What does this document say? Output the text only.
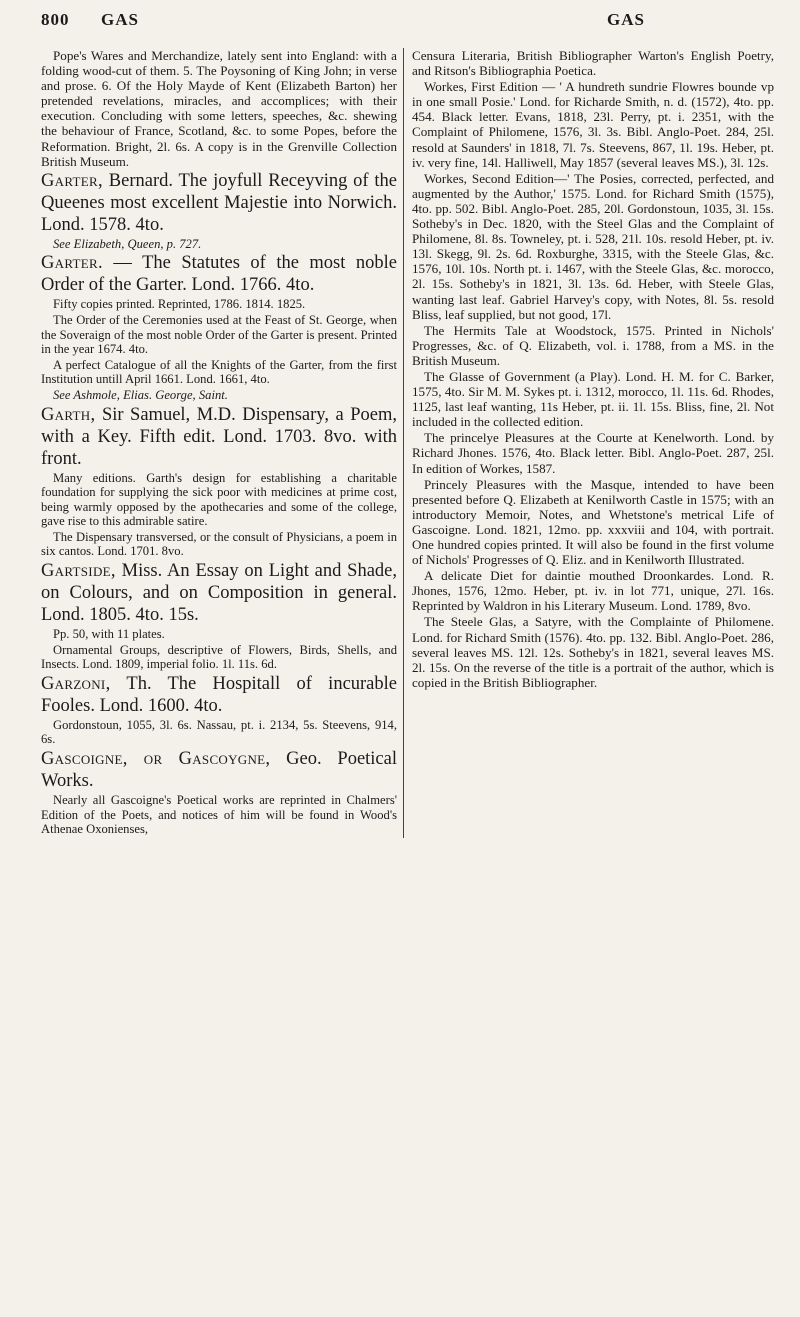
800 GAS	GAS

Pope's Wares and Merchandize, lately sent into England: with a folding wood-cut of them. 5. The Poysoning of King John; in verse and prose. 6. Of the Holy Mayde of Kent (Elizabeth Barton) her pretended revelations, miracles, and accomplices; with their execution. Concluding with some letters, speeches, &c. shewing the behaviour of France, Scotland, &c. to some Popes, before the Reformation. Bright, 2l. 6s. A copy is in the Grenville Collection British Museum.

Garter, Bernard. The joyfull Receyving of the Queenes most excellent Majestie into Norwich. Lond. 1578. 4to.

See Elizabeth, Queen, p. 727.

Garter. — The Statutes of the most noble Order of the Garter. Lond. 1766. 4to.

Fifty copies printed. Reprinted, 1786. 1814. 1825.

The Order of the Ceremonies used at the Feast of St. George, when the Soveraign of the most noble Order of the Garter is present. Printed in the year 1674. 4to.

A perfect Catalogue of all the Knights of the Garter, from the first Institution untill April 1661. Lond. 1661, 4to.

See Ashmole, Elias. George, Saint.

Garth, Sir Samuel, M.D. Dispensary, a Poem, with a Key. Fifth edit. Lond. 1703. 8vo. with front.

Many editions. Garth's design for establishing a charitable foundation for supplying the sick poor with medicines at prime cost, being warmly opposed by the apothecaries and some of the college, gave rise to this admirable satire.

The Dispensary transversed, or the consult of Physicians, a poem in six cantos. Lond. 1701. 8vo.

Gartside, Miss. An Essay on Light and Shade, on Colours, and on Composition in general. Lond. 1805. 4to. 15s.

Pp. 50, with 11 plates.

Ornamental Groups, descriptive of Flowers, Birds, Shells, and Insects. Lond. 1809, imperial folio. 1l. 11s. 6d.

Garzoni, Th. The Hospitall of incurable Fooles. Lond. 1600. 4to.

Gordonstoun, 1055, 3l. 6s. Nassau, pt. i. 2134, 5s. Steevens, 914, 6s.

Gascoigne, or Gascoygne, Geo. Poetical Works.

Nearly all Gascoigne's Poetical works are reprinted in Chalmers' Edition of the Poets, and notices of him will be found in Wood's Athenae Oxonienses,

Censura Literaria, British Bibliographer Warton's English Poetry, and Ritson's Bibliographia Poetica.

Workes, First Edition — ' A hundreth sundrie Flowres bounde vp in one small Posie.' Lond. for Richarde Smith, n. d. (1572), 4to. pp. 454. Black letter. Evans, 1818, 23l. Perry, pt. i. 2351, with the Complaint of Philomene, 1576, 3l. 3s. Bibl. Anglo-Poet. 284, 25l. resold at Saunders' in 1818, 7l. 7s. Steevens, 867, 1l. 19s. Heber, pt. iv. very fine, 14l. Halliwell, May 1857 (several leaves MS.), 3l. 12s.

Workes, Second Edition—' The Posies, corrected, perfected, and augmented by the Author,' 1575. Lond. for Richard Smith (1575), 4to. pp. 502. Bibl. Anglo-Poet. 285, 20l. Gordonstoun, 1035, 3l. 15s. Sotheby's in Dec. 1820, with the Steel Glas and the Complaint of Philomene, 8l. 8s. Towneley, pt. i. 528, 21l. 10s. resold Heber, pt. iv. 13l. Skegg, 9l. 2s. 6d. Roxburghe, 3315, with the Steele Glas, &c. 1576, 10l. 10s. North pt. i. 1467, with the Steele Glas, &c. morocco, 2l. 15s. Sotheby's in 1821, 3l. 13s. 6d. Heber, with Steele Glas, wanting last leaf. Gabriel Harvey's copy, with Notes, 8l. 5s. resold Bliss, leaf supplied, but not good, 17l.

The Hermits Tale at Woodstock, 1575. Printed in Nichols' Progresses, &c. of Q. Elizabeth, vol. i. 1788, from a MS. in the British Museum.

The Glasse of Government (a Play). Lond. H. M. for C. Barker, 1575, 4to. Sir M. M. Sykes pt. i. 1312, morocco, 1l. 11s. 6d. Rhodes, 1125, last leaf wanting, 11s Heber, pt. ii. 1l. 15s. Bliss, fine, 2l. Not included in the collected edition.

The princelye Pleasures at the Courte at Kenelworth. Lond. by Richard Jhones. 1576, 4to. Black letter. Bibl. Anglo-Poet. 287, 25l. In edition of Workes, 1587.

Princely Pleasures with the Masque, intended to have been presented before Q. Elizabeth at Kenilworth Castle in 1575; with an introductory Memoir, Notes, and Whetstone's metrical Life of Gascoigne. Lond. 1821, 12mo. pp. xxxviii and 104, with portrait. One hundred copies printed. It will also be found in the first volume of Nichols' Progresses of Q. Eliz. and in Kenilworth Illustrated.

A delicate Diet for daintie mouthed Droonkardes. Lond. R. Jhones, 1576, 12mo. Heber, pt. iv. in lot 771, unique, 27l. 16s. Reprinted by Waldron in his Literary Museum. Lond. 1789, 8vo.

The Steele Glas, a Satyre, with the Complainte of Philomene. Lond. for Richard Smith (1576). 4to. pp. 132. Bibl. Anglo-Poet. 286, several leaves MS. 12l. 12s. Sotheby's in 1821, several leaves MS. 2l. 15s. On the reverse of the title is a portrait of the author, which is copied in the British Bibliographer.
